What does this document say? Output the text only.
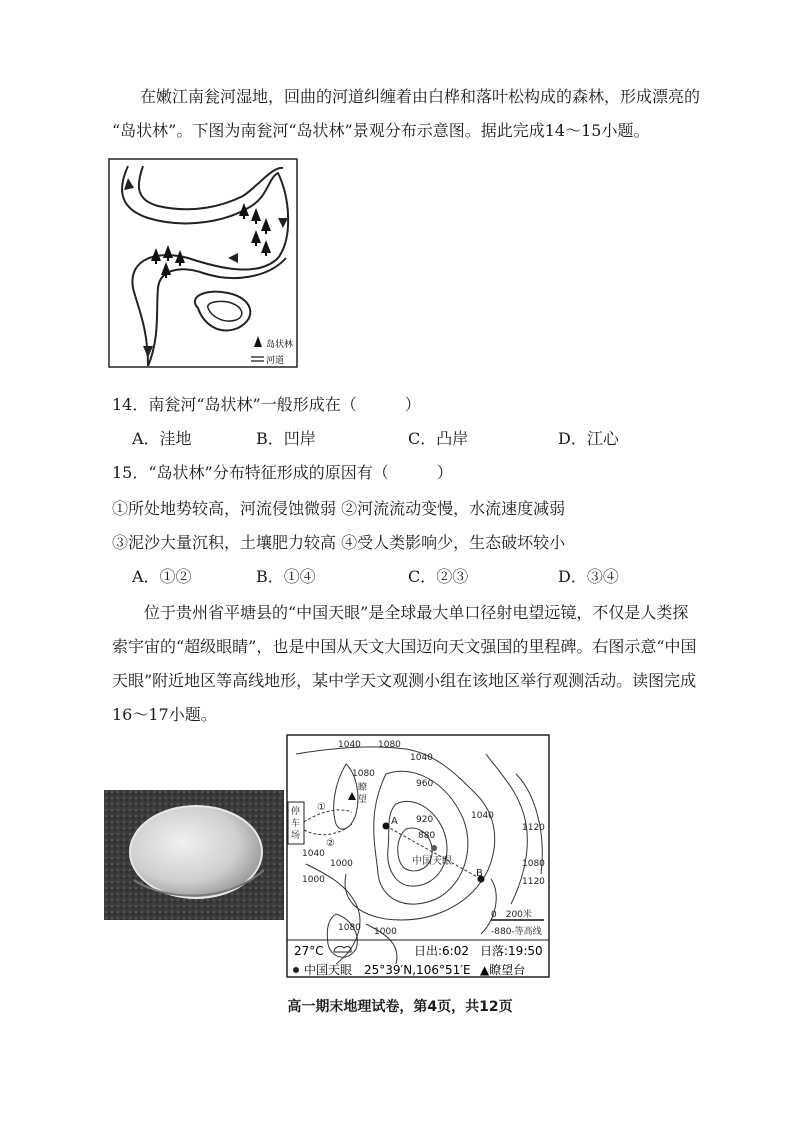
在嫩江南瓮河湿地，回曲的河道纠缠着由白桦和落叶松构成的森林，形成漂亮的
“岛状林”。下图为南瓮河“岛状林”景观分布示意图。据此完成14～15小题。
岛状林
河道
14．南瓮河“岛状林”一般形成在（　　　）
A．洼地	B．凹岸	C．凸岸	D．江心
15．“岛状林”分布特征形成的原因有（　　　）
①所处地势较高，河流侵蚀微弱 ②河流流动变慢，水流速度减弱
③泥沙大量沉积，土壤肥力较高 ④受人类影响少，生态破坏较小
A．①②	B．①④	C．②③	D．③④
位于贵州省平塘县的“中国天眼”是全球最大单口径射电望远镜，不仅是人类探
索宇宙的“超级眼睛”，也是中国从天文大国迈向天文强国的里程碑。右图示意“中国
天眼”附近地区等高线地形，某中学天文观测小组在该地区举行观测活动。读图完成
16～17小题。
停
车
场
①
②
瞭
望
A
B
中国天眼
1040 1080
1040
1080
960
920
880
1040
1000
1120
1080
1120
1040
1000
1080 1000
0　200米
-880-等高线
27°C	日出:6:02 日落:19:50
中国天眼　25°39′N,106°51′E ▲瞭望台
高一期末地理试卷，第4页，共12页
